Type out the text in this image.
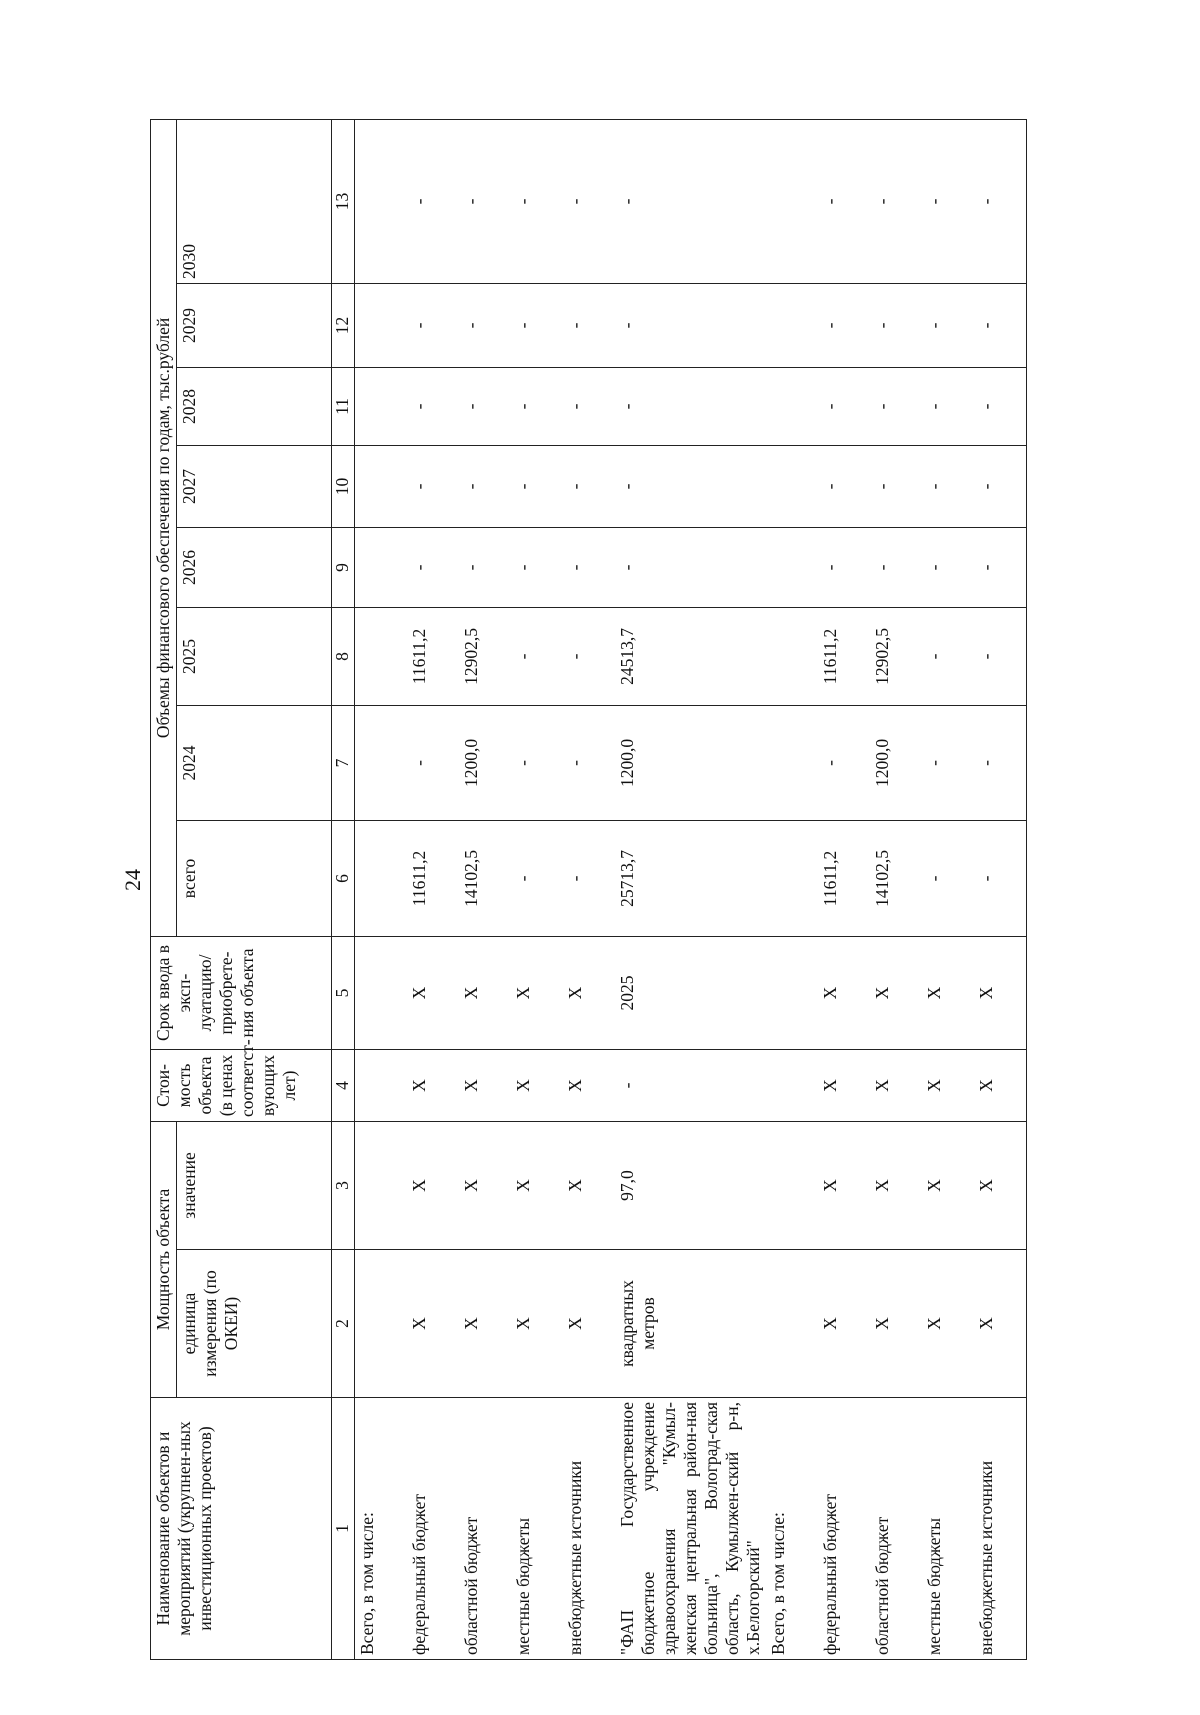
24
Наименование объектов и мероприятий (укрупнен-ных инвестиционных проектов)	Мощность объекта		Стои-мость объекта (в ценах соответст-вующих лет)	Срок ввода в эксп-луатацию/ приобрете-ния объекта	Объемы финансового обеспечения по годам, тыс.рублей							
	единица измерения (по ОКЕИ)	значение			всего	2024	2025	2026	2027	2028	2029	2030
1	2	3	4	5	6	7	8	9	10	11	12	13
Всего, в том числе:												
федеральный бюджет	Х	Х	Х	Х	11611,2	-	11611,2	-	-	-	-	-
областной бюджет	Х	Х	Х	Х	14102,5	1200,0	12902,5	-	-	-	-	-
местные бюджеты	Х	Х	Х	Х	-	-	-	-	-	-	-	-
внебюджетные источники	Х	Х	Х	Х	-	-	-	-	-	-	-	-
"ФАП Государственное бюджетное учреждение здравоохранения "Кумыл-женская центральная район-ная больница", Волоград-ская область, Кумылжен-ский р-н, х.Белогорский"	квадратных метров	97,0	-	2025	25713,7	1200,0	24513,7	-	-	-	-	-
Всего, в том числе:												
федеральный бюджет	Х	Х	Х	Х	11611,2	-	11611,2	-	-	-	-	-
областной бюджет	Х	Х	Х	Х	14102,5	1200,0	12902,5	-	-	-	-	-
местные бюджеты	Х	Х	Х	Х	-	-	-	-	-	-	-	-
внебюджетные источники	Х	Х	Х	Х	-	-	-	-	-	-	-	-
